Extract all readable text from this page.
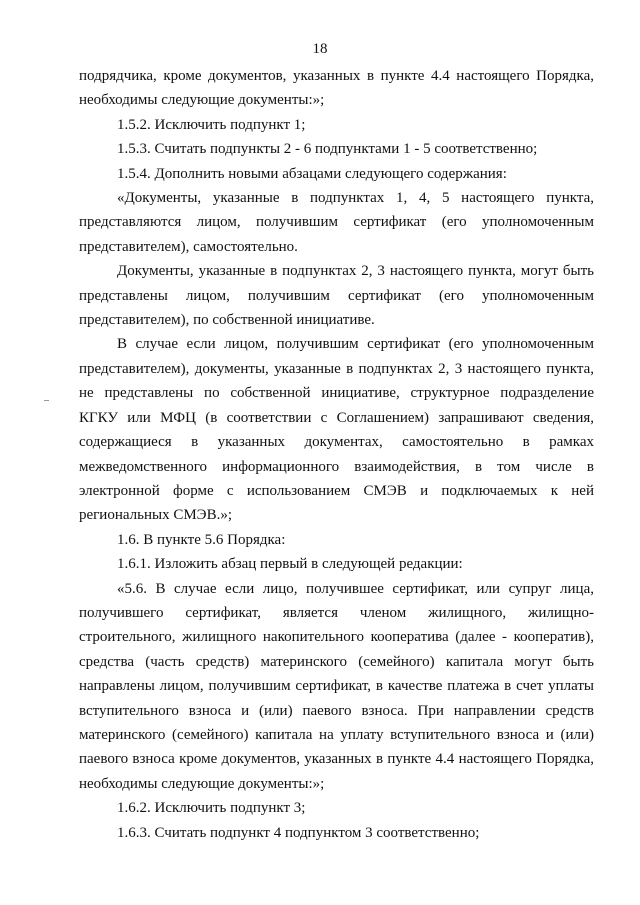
18

подрядчика, кроме документов, указанных в пункте 4.4 настоящего Порядка, необходимы следующие документы:»;

1.5.2. Исключить подпункт 1;

1.5.3. Считать подпункты 2 - 6 подпунктами 1 - 5 соответственно;

1.5.4. Дополнить новыми абзацами следующего содержания:

«Документы, указанные в подпунктах 1, 4, 5 настоящего пункта, представляются лицом, получившим сертификат (его уполномоченным представителем), самостоятельно.

Документы, указанные в подпунктах 2, 3 настоящего пункта, могут быть представлены лицом, получившим сертификат (его уполномоченным представителем), по собственной инициативе.

В случае если лицом, получившим сертификат (его уполномоченным представителем), документы, указанные в подпунктах 2, 3 настоящего пункта, не представлены по собственной инициативе, структурное подразделение КГКУ или МФЦ (в соответствии с Соглашением) запрашивают сведения, содержащиеся в указанных документах, самостоятельно в рамках межведомственного информационного взаимодействия, в том числе в электронной форме с использованием СМЭВ и подключаемых к ней региональных СМЭВ.»;

1.6. В пункте 5.6 Порядка:

1.6.1. Изложить абзац первый в следующей редакции:

«5.6. В случае если лицо, получившее сертификат, или супруг лица, получившего сертификат, является членом жилищного, жилищно-строительного, жилищного накопительного кооператива (далее - кооператив), средства (часть средств) материнского (семейного) капитала могут быть направлены лицом, получившим сертификат, в качестве платежа в счет уплаты вступительного взноса и (или) паевого взноса. При направлении средств материнского (семейного) капитала на уплату вступительного взноса и (или) паевого взноса кроме документов, указанных в пункте 4.4 настоящего Порядка, необходимы следующие документы:»;

1.6.2. Исключить подпункт 3;

1.6.3. Считать подпункт 4 подпунктом 3 соответственно;
